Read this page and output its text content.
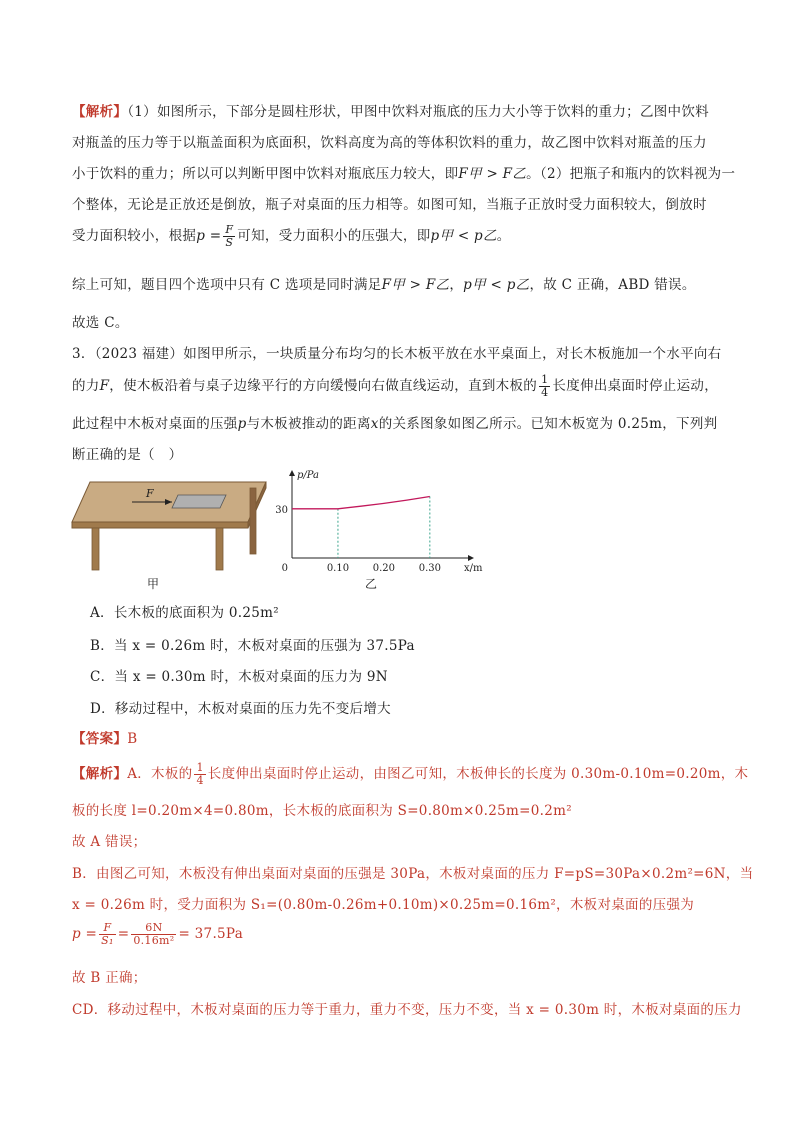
【解析】（1）如图所示，下部分是圆柱形状，甲图中饮料对瓶底的压力大小等于饮料的重力；乙图中饮料
对瓶盖的压力等于以瓶盖面积为底面积，饮料高度为高的等体积饮料的重力，故乙图中饮料对瓶盖的压力
小于饮料的重力；所以可以判断甲图中饮料对瓶底压力较大，即F甲 > F乙。（2）把瓶子和瓶内的饮料视为一
个整体，无论是正放还是倒放，瓶子对桌面的压力相等。如图可知，当瓶子正放时受力面积较大，倒放时
受力面积较小，根据$p = \frac{F}{S}$ 可知，受力面积小的压强大，即p甲 < p乙。
综上可知，题目四个选项中只有 C 选项是同时满足F甲 > F乙，p甲 < p乙，故 C 正确，ABD 错误。
故选 C。
3．（2023 福建）如图甲所示，一块质量分布均匀的长木板平放在水平桌面上，对长木板施加一个水平向右
的力F，使木板沿着与桌子边缘平行的方向缓慢向右做直线运动，直到木板的 $\frac{1}{4}$ 长度伸出桌面时停止运动，
此过程中木板对桌面的压强p与木板被推动的距离x的关系图象如图乙所示。已知木板宽为 0.25m，下列判
断正确的是（　）
F
甲
p/Pa
x/m
0
30
0.10 0.20 0.30
乙
A．长木板的底面积为 0.25m²
B．当 x = 0.26m 时，木板对桌面的压强为 37.5Pa
C．当 x = 0.30m 时，木板对桌面的压力为 9N
D．移动过程中，木板对桌面的压力先不变后增大
【答案】B
【解析】A．木板的 $\frac{1}{4}$ 长度伸出桌面时停止运动，由图乙可知，木板伸长的长度为 0.30m-0.10m=0.20m，木
板的长度 l=0.20m×4=0.80m，长木板的底面积为 S=0.80m×0.25m=0.2m²
故 A 错误；
B．由图乙可知，木板没有伸出桌面对桌面的压强是 30Pa，木板对桌面的压力 F=pS=30Pa×0.2m²=6N，当
x = 0.26m 时，受力面积为 S₁=(0.80m-0.26m+0.10m)×0.25m=0.16m²，木板对桌面的压强为
$p = \frac{F}{\text{S₁}} = \frac{6N}{\text{0.16m²}} = 37.5Pa$
故 B 正确；
CD．移动过程中，木板对桌面的压力等于重力，重力不变，压力不变，当 x = 0.30m 时，木板对桌面的压力
